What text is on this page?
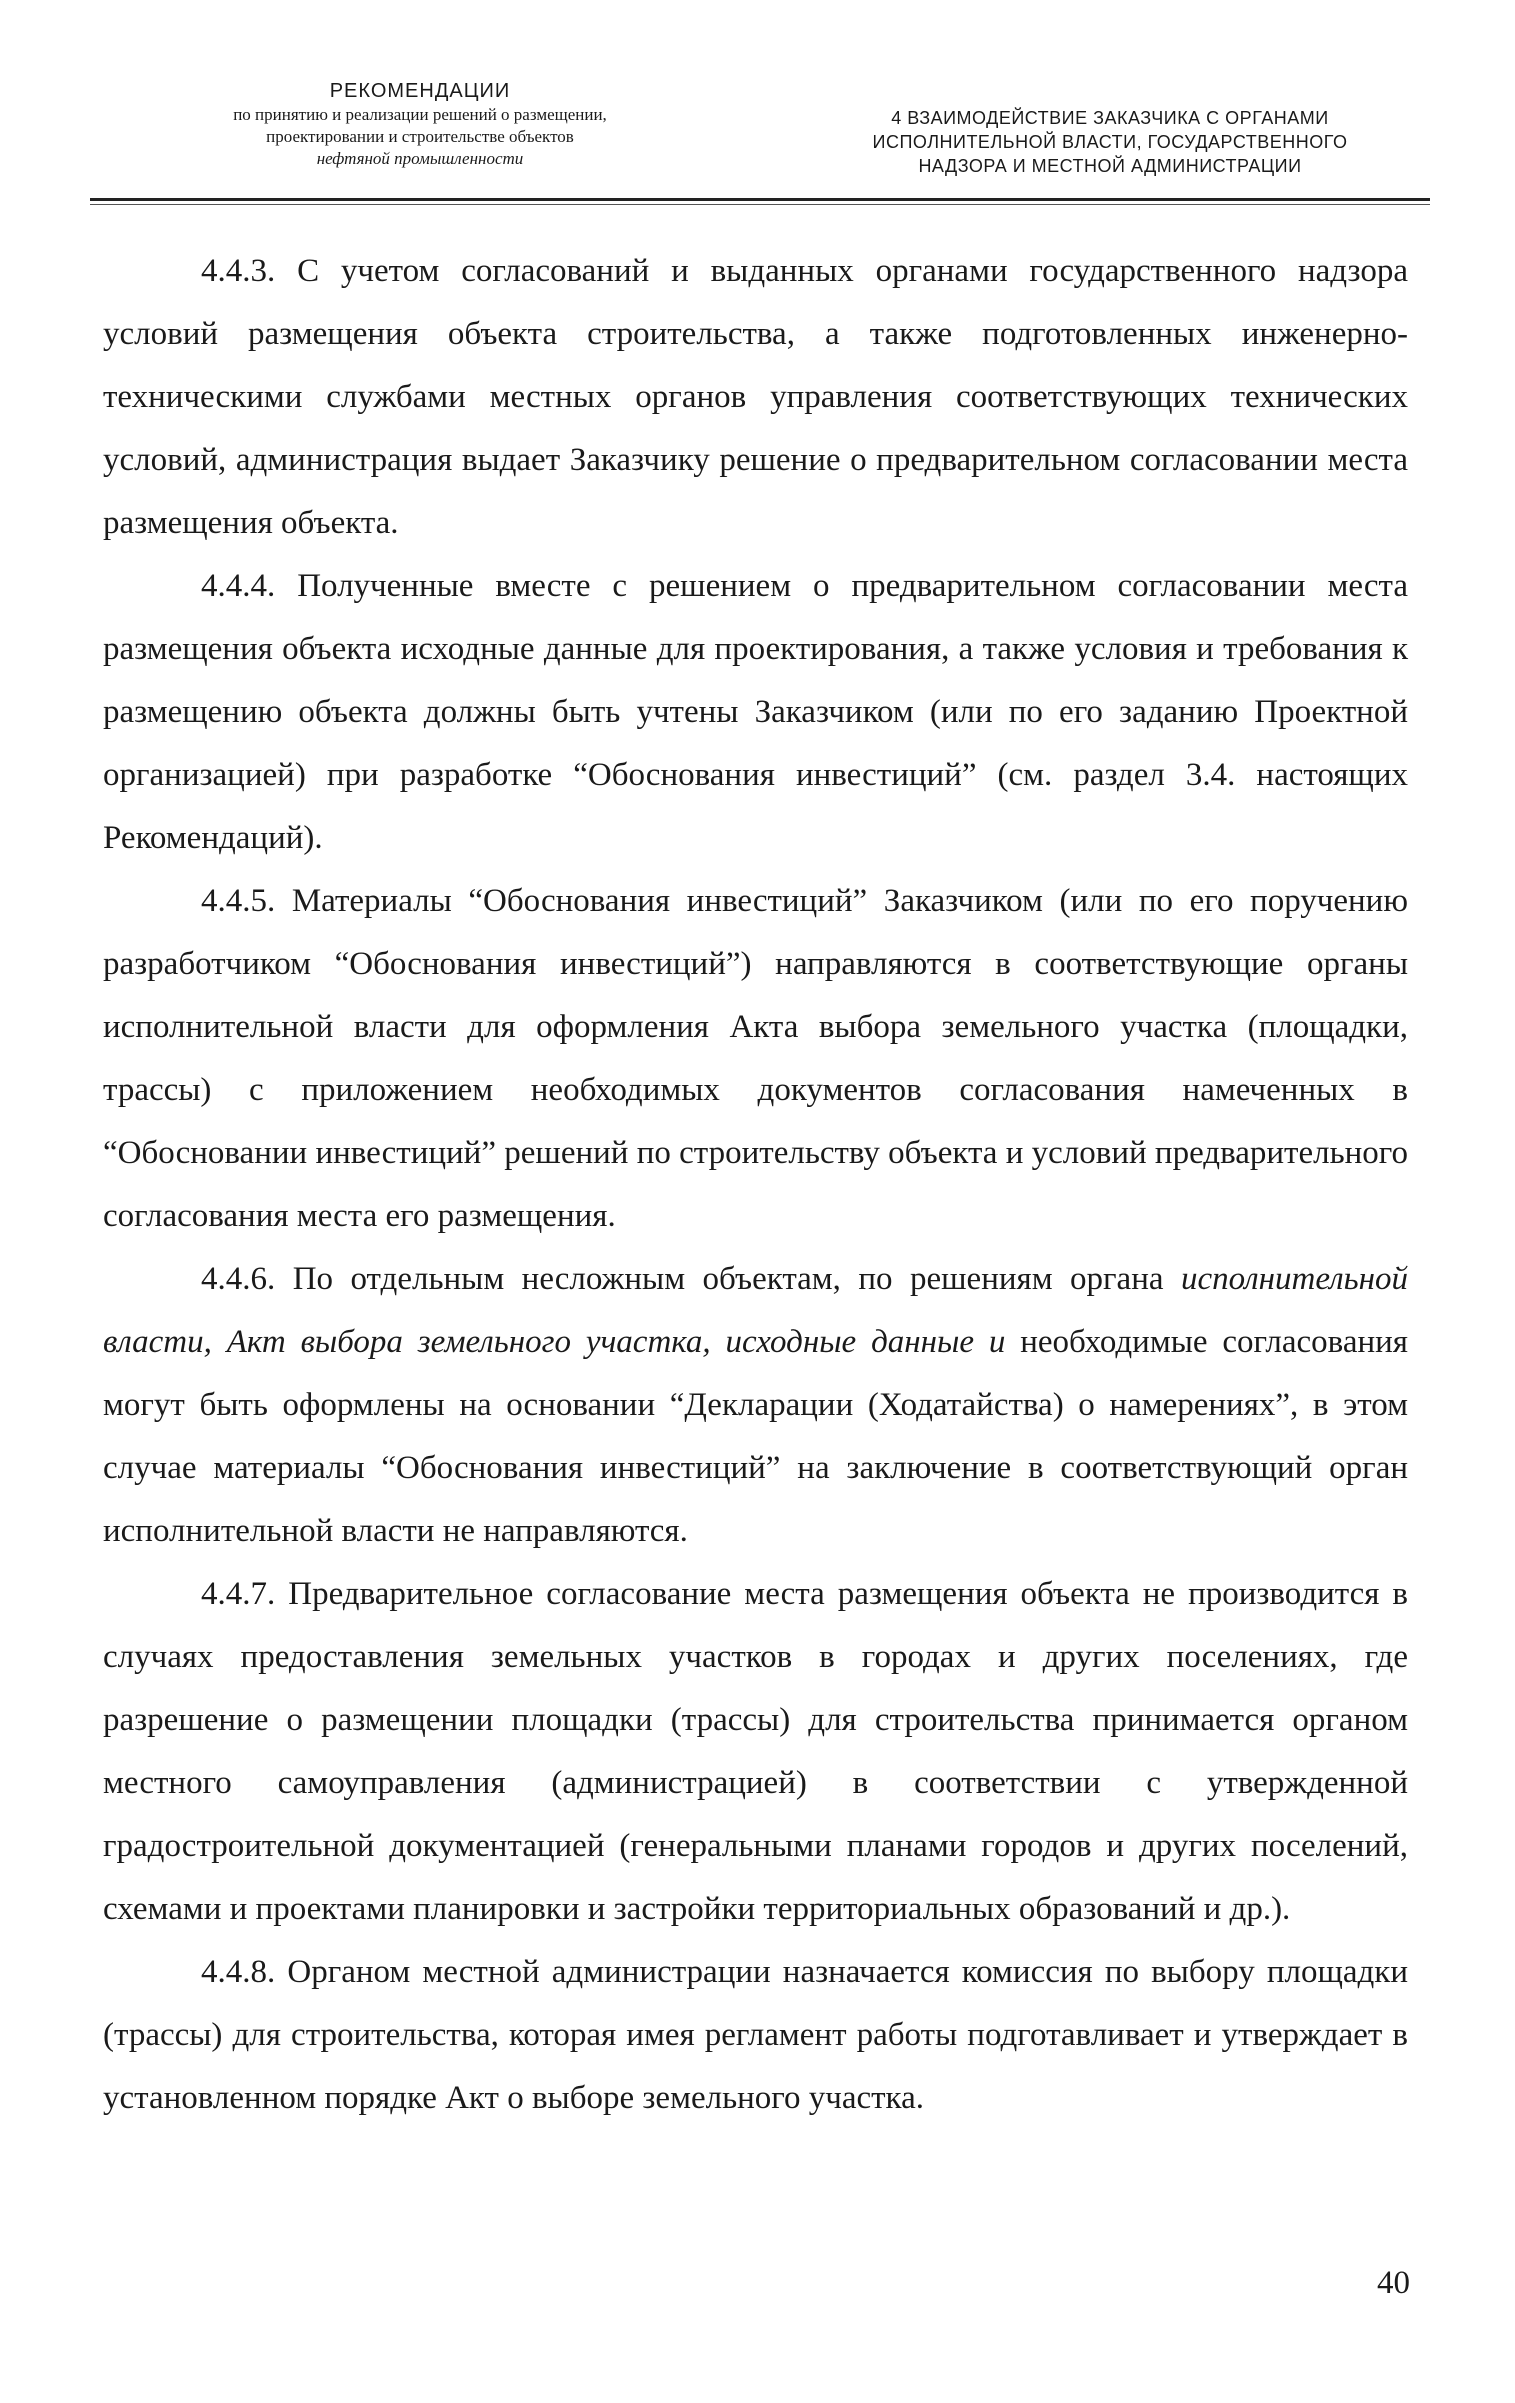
РЕКОМЕНДАЦИИ
по принятию и реализации решений о размещении,
проектировании и строительстве объектов
нефтяной промышленности
4 ВЗАИМОДЕЙСТВИЕ ЗАКАЗЧИКА С ОРГАНАМИ
ИСПОЛНИТЕЛЬНОЙ ВЛАСТИ, ГОСУДАРСТВЕННОГО
НАДЗОРА И МЕСТНОЙ АДМИНИСТРАЦИИ

4.4.3. С учетом согласований и выданных органами государственного надзора условий размещения объекта строительства, а также подготовленных инженерно-техническими службами местных органов управления соответствующих технических условий, администрация выдает Заказчику решение о предварительном согласовании места размещения объекта.

4.4.4. Полученные вместе с решением о предварительном согласовании места размещения объекта исходные данные для проектирования, а также условия и требования к размещению объекта должны быть учтены Заказчиком (или по его заданию Проектной организацией) при разработке “Обоснования инвестиций” (см. раздел 3.4. настоящих Рекомендаций).

4.4.5. Материалы “Обоснования инвестиций” Заказчиком (или по его поручению разработчиком “Обоснования инвестиций”) направляются в соответствующие органы исполнительной власти для оформления Акта выбора земельного участка (площадки, трассы) с приложением необходимых документов согласования намеченных в “Обосновании инвестиций” решений по строительству объекта и условий предварительного согласования места его размещения.

4.4.6. По отдельным несложным объектам, по решениям органа исполнительной власти, Акт выбора земельного участка, исходные данные и необходимые согласования могут быть оформлены на основании “Декларации (Ходатайства) о намерениях”, в этом случае материалы “Обоснования инвестиций” на заключение в соответствующий орган исполнительной власти не направляются.

4.4.7. Предварительное согласование места размещения объекта не производится в случаях предоставления земельных участков в городах и других поселениях, где разрешение о размещении площадки (трассы) для строительства принимается органом местного самоуправления (администрацией) в соответствии с утвержденной градостроительной документацией (генеральными планами городов и других поселений, схемами и проектами планировки и застройки территориальных образований и др.).

4.4.8. Органом местной администрации назначается комиссия по выбору площадки (трассы) для строительства, которая имея регламент работы подготавливает и утверждает в установленном порядке Акт о выборе земельного участка.

40
